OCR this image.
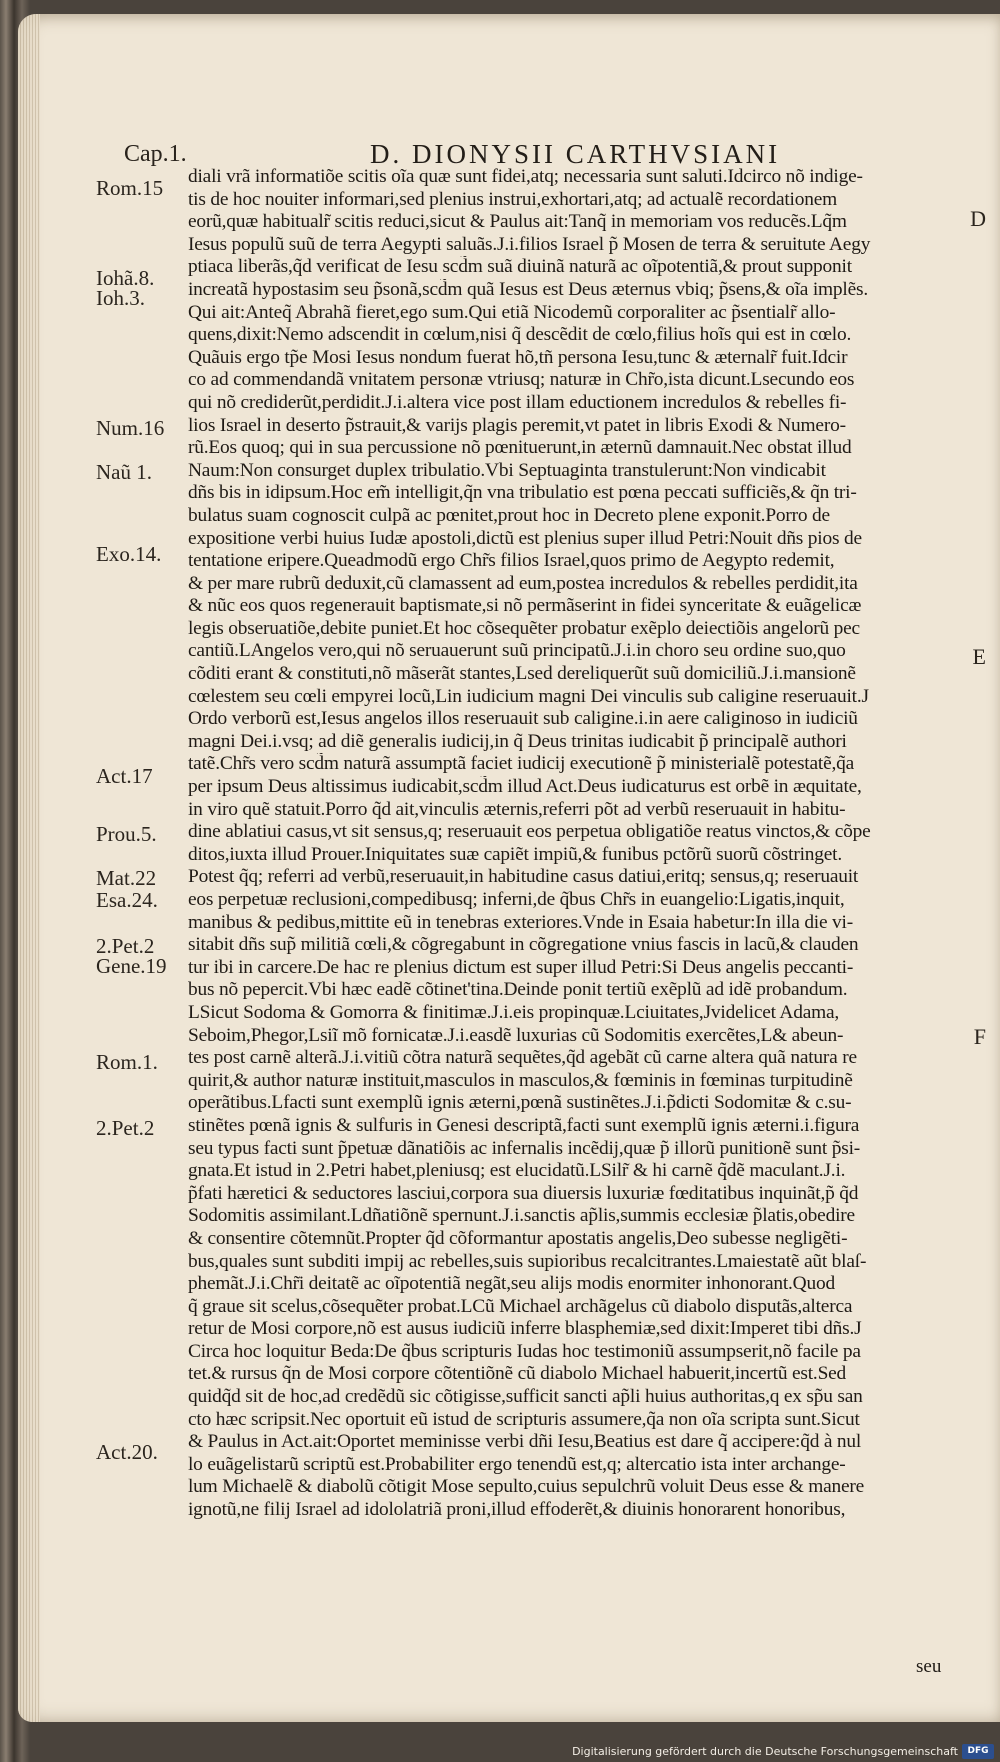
Cap.1.	D. DIONYSII CARTHVSIANI
Rom.15
Iohã.8.
Ioh.3.
Num.16
Naũ 1.
Exo.14.
Act.17
Prou.5.
Mat.22
Esa.24.
2.Pet.2
Gene.19
Rom.1.
2.Pet.2
Act.20.
diali vrã informatiõe scitis oĩa quæ sunt fidei,atq; necessaria sunt saluti.Idcirco nõ indige-
tis de hoc nouiter informari,sed plenius instrui,exhortari,atq; ad actualẽ recordationem
eorũ,quæ habitualr̃ scitis reduci,sicut & Paulus ait:Tanq̃ in memoriam vos reducẽs.Lq̃m
Iesus populũ suũ de terra Aegypti saluãs.J.i.filios Israel p̃ Mosen de terra & seruitute Aegy
ptiaca liberãs,q̃d verificat de Iesu scd̃m suã diuinã naturã ac oĩpotentiã,& prout supponit
increatã hypostasim seu p̃sonã,scd̃m quã Iesus est Deus æternus vbiq; p̃sens,& oĩa implẽs.
Qui ait:Anteq̃ Abrahã fieret,ego sum.Qui etiã Nicodemũ corporaliter ac p̃sentialr̃ allo-
quens,dixit:Nemo adscendit in cœlum,nisi q̃ descẽdit de cœlo,filius hoĩs qui est in cœlo.
Quãuis ergo tp̃e Mosi Iesus nondum fuerat hõ,tñ persona Iesu,tunc & æternalr̃ fuit.Idcir
co ad commendandã vnitatem personæ vtriusq; naturæ in Chr̃o,ista dicunt.Lsecundo eos
qui nõ crediderũt,perdidit.J.i.altera vice post illam eductionem incredulos & rebelles fi-
lios Israel in deserto p̃strauit,& varijs plagis peremit,vt patet in libris Exodi & Numero-
rũ.Eos quoq; qui in sua percussione nõ pœnituerunt,in æternũ damnauit.Nec obstat illud
Naum:Non consurget duplex tribulatio.Vbi Septuaginta transtulerunt:Non vindicabit
dñs bis in idipsum.Hoc em̃ intelligit,q̃n vna tribulatio est pœna peccati sufficiẽs,& q̃n tri-
bulatus suam cognoscit culpã ac pœnitet,prout hoc in Decreto plene exponit.Porro de
expositione verbi huius Iudæ apostoli,dictũ est plenius super illud Petri:Nouit dñs pios de
tentatione eripere.Queadmodũ ergo Chr̃s filios Israel,quos primo de Aegypto redemit,
& per mare rubrũ deduxit,cũ clamassent ad eum,postea incredulos & rebelles perdidit,ita
& nũc eos quos regenerauit baptismate,si nõ permãserint in fidei synceritate & euãgelicæ
legis obseruatiõe,debite puniet.Et hoc cõsequẽter probatur exẽplo deiectiõis angelorũ pec
cantiũ.LAngelos vero,qui nõ seruauerunt suũ principatũ.J.i.in choro seu ordine suo,quo
cõditi erant & constituti,nõ mãserãt stantes,Lsed dereliquerũt suũ domiciliũ.J.i.mansionẽ
cœlestem seu cœli empyrei locũ,Lin iudicium magni Dei vinculis sub caligine reseruauit.J
Ordo verborũ est,Iesus angelos illos reseruauit sub caligine.i.in aere caliginoso in iudiciũ
magni Dei.i.vsq; ad diẽ generalis iudicij,in q̃ Deus trinitas iudicabit p̃ principalẽ authori
tatẽ.Chr̃s vero scd̃m naturã assumptã faciet iudicij executionẽ p̃ ministerialẽ potestatẽ,q̃a
per ipsum Deus altissimus iudicabit,scd̃m illud Act.Deus iudicaturus est orbẽ in æquitate,
in viro quẽ statuit.Porro q̃d ait,vinculis æternis,referri põt ad verbũ reseruauit in habitu-
dine ablatiui casus,vt sit sensus,q; reseruauit eos perpetua obligatiõe reatus vinctos,& cõpe
ditos,iuxta illud Prouer.Iniquitates suæ capiẽt impiũ,& funibus pctõrũ suorũ cõstringet.
Potest q̃q; referri ad verbũ,reseruauit,in habitudine casus datiui,eritq; sensus,q; reseruauit
eos perpetuæ reclusioni,compedibusq; inferni,de q̃bus Chr̃s in euangelio:Ligatis,inquit,
manibus & pedibus,mittite eũ in tenebras exteriores.Vnde in Esaia habetur:In illa die vi-
sitabit dñs sup̃ militiã cœli,& cõgregabunt in cõgregatione vnius fascis in lacũ,& clauden
tur ibi in carcere.De hac re plenius dictum est super illud Petri:Si Deus angelis peccanti-
bus nõ pepercit.Vbi hæc eadẽ cõtinet'tina.Deinde ponit tertiũ exẽplũ ad idẽ probandum.
LSicut Sodoma & Gomorra & finitimæ.J.i.eis propinquæ.Lciuitates,Jvidelicet Adama,
Seboim,Phegor,Lsiĩ mõ fornicatæ.J.i.easdẽ luxurias cũ Sodomitis exercẽtes,L& abeun-
tes post carnẽ alterã.J.i.vitiũ cõtra naturã sequẽtes,q̃d agebãt cũ carne altera quã natura re
quirit,& author naturæ instituit,masculos in masculos,& fœminis in fœminas turpitudinẽ
operãtibus.Lfacti sunt exemplũ ignis æterni,pœnã sustinẽtes.J.i.p̃dicti Sodomitæ & c.su-
stinẽtes pœnã ignis & sulfuris in Genesi descriptã,facti sunt exemplũ ignis æterni.i.figura
seu typus facti sunt p̃petuæ dãnatiõis ac infernalis incẽdij,quæ p̃ illorũ punitionẽ sunt p̃si-
gnata.Et istud in 2.Petri habet,pleniusq; est elucidatũ.LSilr̃ & hi carnẽ q̃dẽ maculant.J.i.
p̃fati hæretici & seductores lasciui,corpora sua diuersis luxuriæ fœditatibus inquinãt,p̃ q̃d
Sodomitis assimilant.Ldñatiõnẽ spernunt.J.i.sanctis ap̃lis,summis ecclesiæ p̃latis,obedire
& consentire cõtemnũt.Propter q̃d cõformantur apostatis angelis,Deo subesse negligẽti-
bus,quales sunt subditi impij ac rebelles,suis supioribus recalcitrantes.Lmaiestatẽ aũt blaſ-
phemãt.J.i.Chr̃i deitatẽ ac oĩpotentiã negãt,seu alijs modis enormiter inhonorant.Quod
q̃ graue sit scelus,cõsequẽter probat.LCũ Michael archãgelus cũ diabolo disputãs,alterca
retur de Mosi corpore,nõ est ausus iudiciũ inferre blasphemiæ,sed dixit:Imperet tibi dñs.J
Circa hoc loquitur Beda:De q̃bus scripturis Iudas hoc testimoniũ assumpserit,nõ facile pa
tet.& rursus q̃n de Mosi corpore cõtentiõnẽ cũ diabolo Michael habuerit,incertũ est.Sed
quidq̃d sit de hoc,ad credẽdũ sic cõtigisse,sufficit sancti ap̃li huius authoritas,q ex sp̃u san
cto hæc scripsit.Nec oportuit eũ istud de scripturis assumere,q̃a non oĩa scripta sunt.Sicut
& Paulus in Act.ait:Oportet meminisse verbi dñi Iesu,Beatius est dare q̃ accipere:q̃d à nul
lo euãgelistarũ scriptũ est.Probabiliter ergo tenendũ est,q; altercatio ista inter archange-
lum Michaelẽ & diabolũ cõtigit Mose sepulto,cuius sepulchrũ voluit Deus esse & manere
ignotũ,ne filij Israel ad idololatriã proni,illud effoderẽt,& diuinis honorarent honoribus,
D
E
F
seu
Digitalisierung gefördert durch die Deutsche Forschungsgemeinschaft	DFG
